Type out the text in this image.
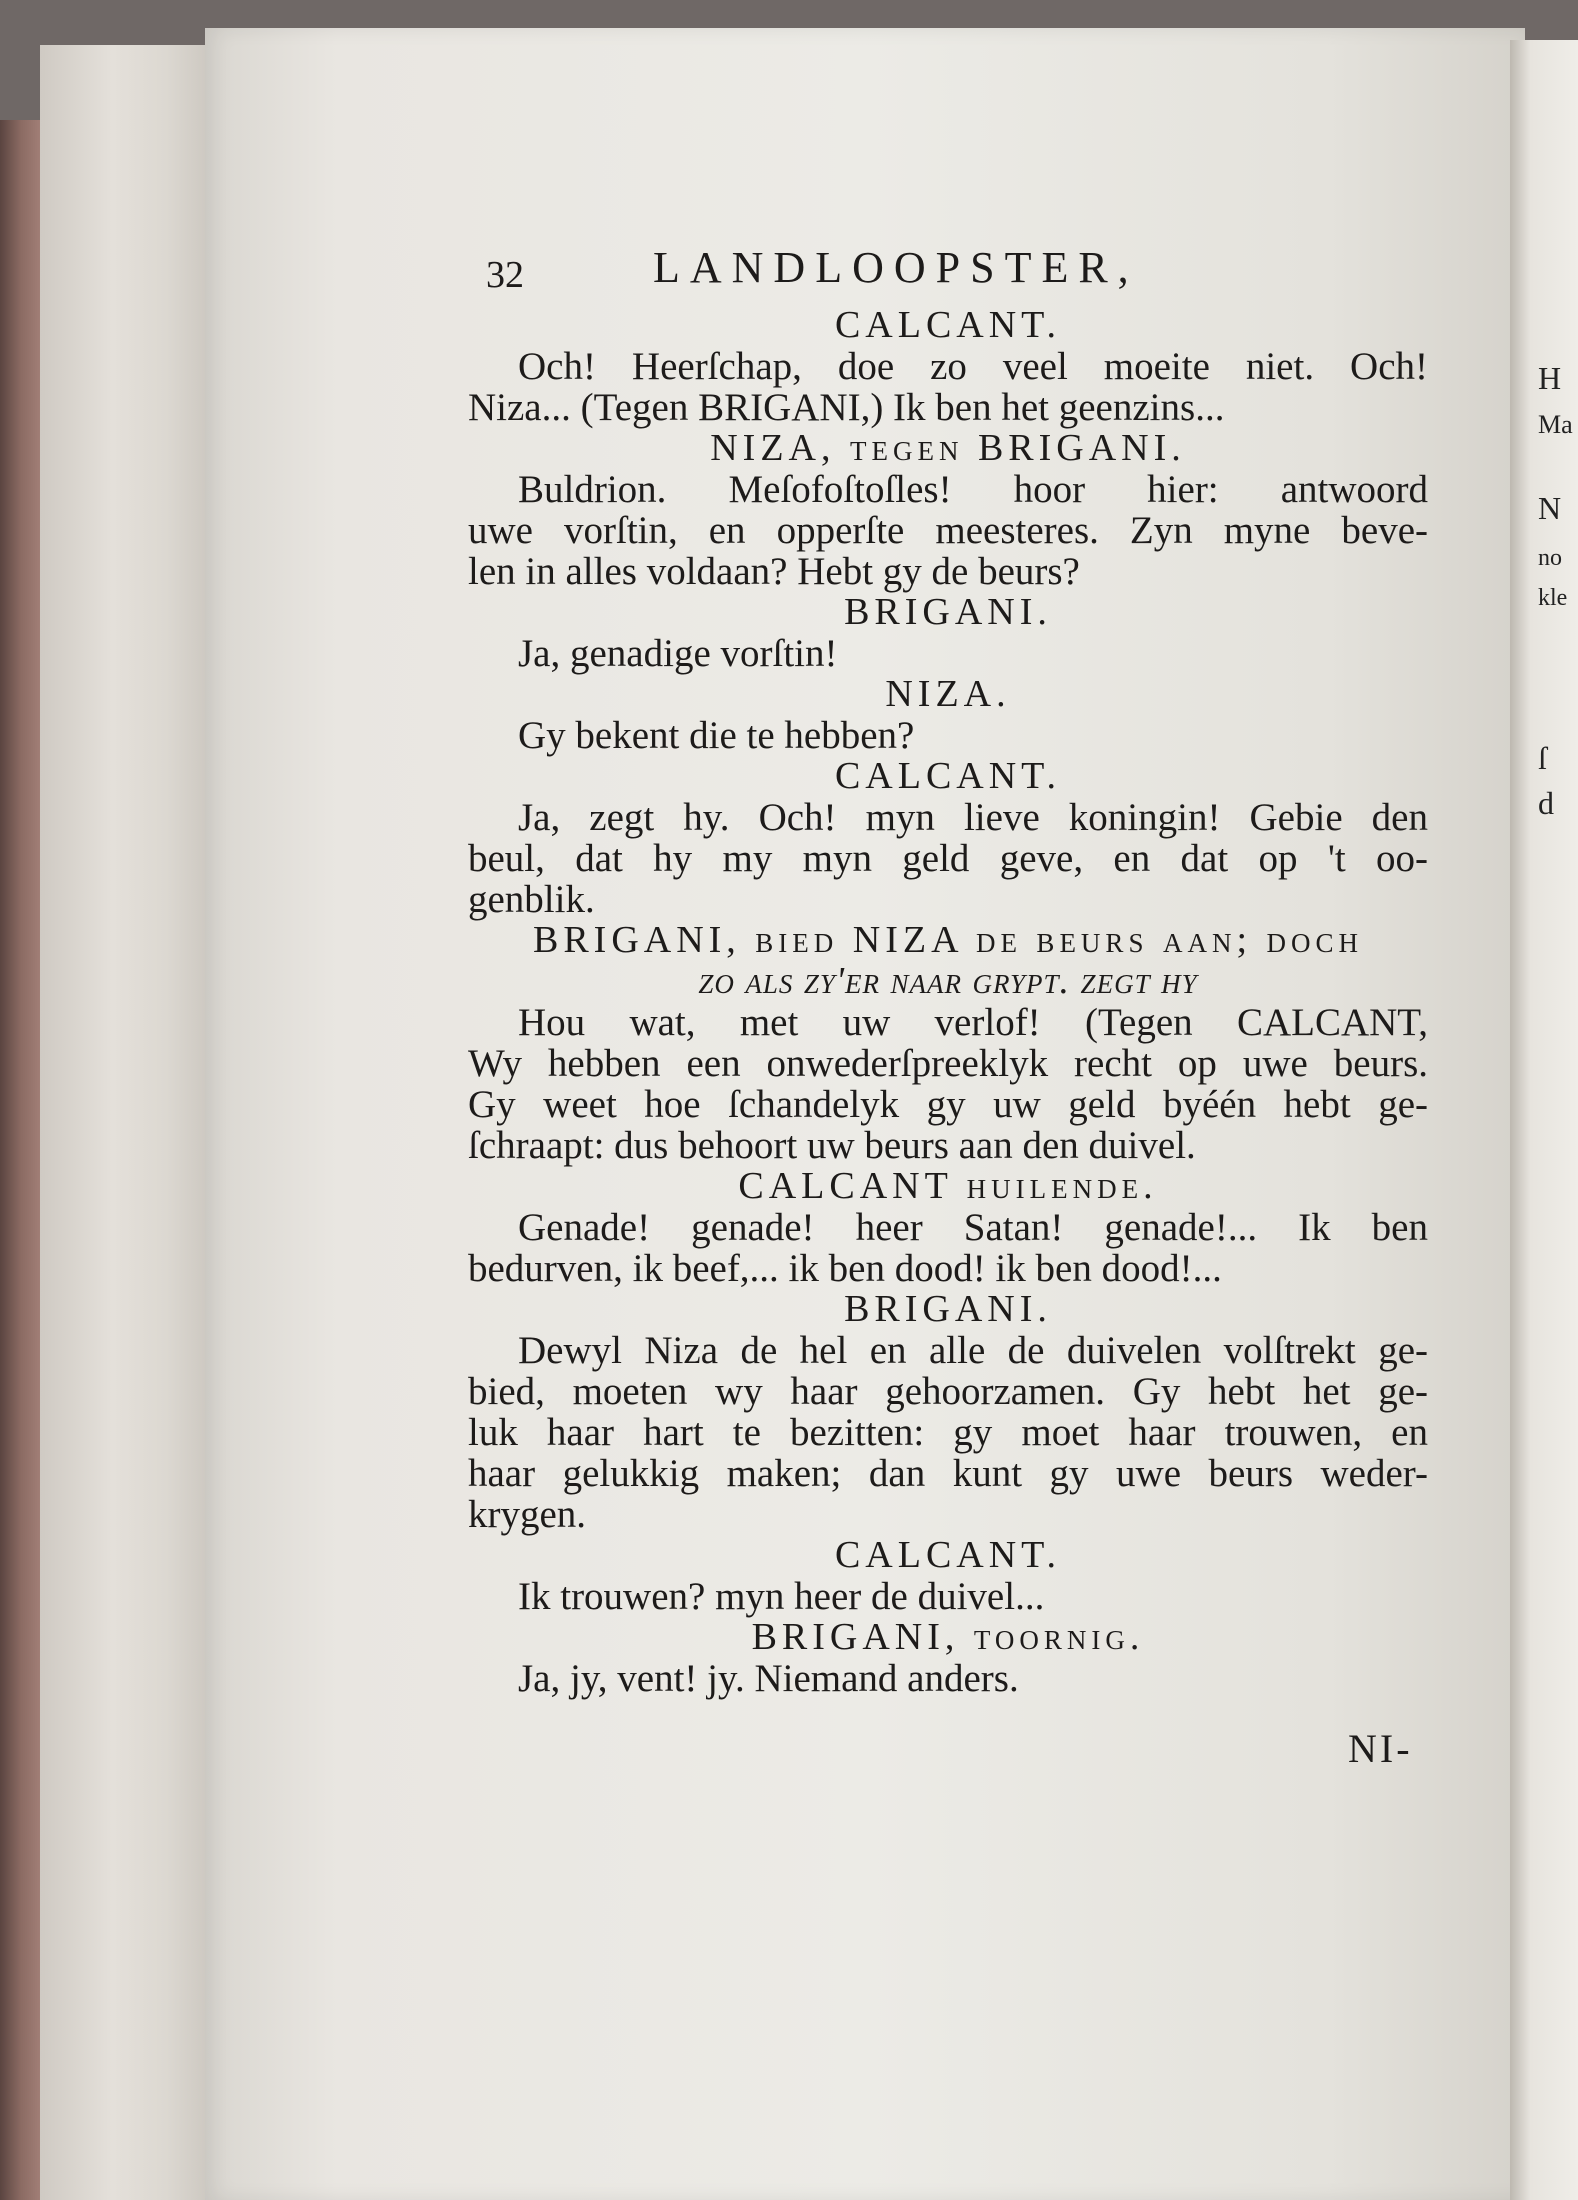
H
Ma
N
no
kle
ſ
d
32	LANDLOOPSTER,
CALCANT.
Och! Heerſchap, doe zo veel moeite niet. Och!
Niza... (Tegen BRIGANI,) Ik ben het geenzins...
NIZA, tegen BRIGANI.
Buldrion. Meſofoſtoſles! hoor hier: antwoord
uwe vorſtin, en opperſte meesteres. Zyn myne beve-
len in alles voldaan? Hebt gy de beurs?
BRIGANI.
Ja, genadige vorſtin!
NIZA.
Gy bekent die te hebben?
CALCANT.
Ja, zegt hy. Och! myn lieve koningin! Gebie den
beul, dat hy my myn geld geve, en dat op 't oo-
genblik.
BRIGANI, bied NIZA de beurs aan; doch
zo als zy'er naar grypt. zegt hy
Hou wat, met uw verlof! (Tegen CALCANT,
Wy hebben een onwederſpreeklyk recht op uwe beurs.
Gy weet hoe ſchandelyk gy uw geld byéén hebt ge-
ſchraapt: dus behoort uw beurs aan den duivel.
CALCANT huilende.
Genade! genade! heer Satan! genade!... Ik ben
bedurven, ik beef,... ik ben dood! ik ben dood!...
BRIGANI.
Dewyl Niza de hel en alle de duivelen volſtrekt ge-
bied, moeten wy haar gehoorzamen. Gy hebt het ge-
luk haar hart te bezitten: gy moet haar trouwen, en
haar gelukkig maken; dan kunt gy uwe beurs weder-
krygen.
CALCANT.
Ik trouwen? myn heer de duivel...
BRIGANI, toornig.
Ja, jy, vent! jy. Niemand anders.
NI-
